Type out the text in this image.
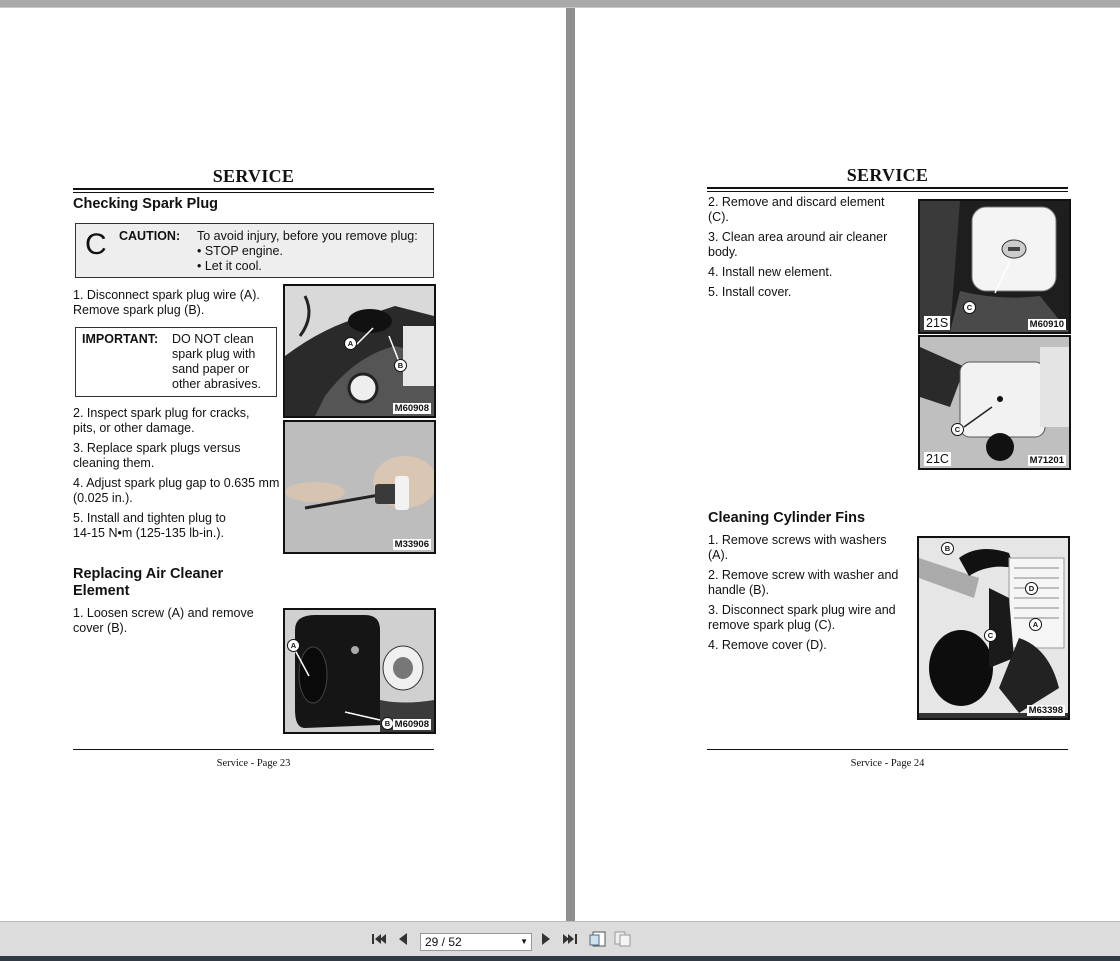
SERVICE
Checking Spark Plug
C CAUTION: To avoid injury, before you remove plug:
• STOP engine.
• Let it cool.
1. Disconnect spark plug wire (A).
Remove spark plug (B).
IMPORTANT: DO NOT clean
spark plug with
sand paper or
other abrasives.
2. Inspect spark plug for cracks,
pits, or other damage.
3. Replace spark plugs versus
cleaning them.
4. Adjust spark plug gap to 0.635 mm
(0.025 in.).
5. Install and tighten plug to
14-15 N•m (125-135 lb-in.).
Replacing Air Cleaner
Element
1. Loosen screw (A) and remove
cover (B).
A
B
M60908
M33906
A
B M60908
Service - Page 23
SERVICE
2. Remove and discard element
(C).
3. Clean area around air cleaner
body.
4. Install new element.
5. Install cover.
C
21S	M60910
C
21C	M71201
Cleaning Cylinder Fins
1. Remove screws with washers
(A).
2. Remove screw with washer and
handle (B).
3. Disconnect spark plug wire and
remove spark plug (C).
4. Remove cover (D).
B
D
A
C
M63398
Service - Page 24
29 / 52	▼
